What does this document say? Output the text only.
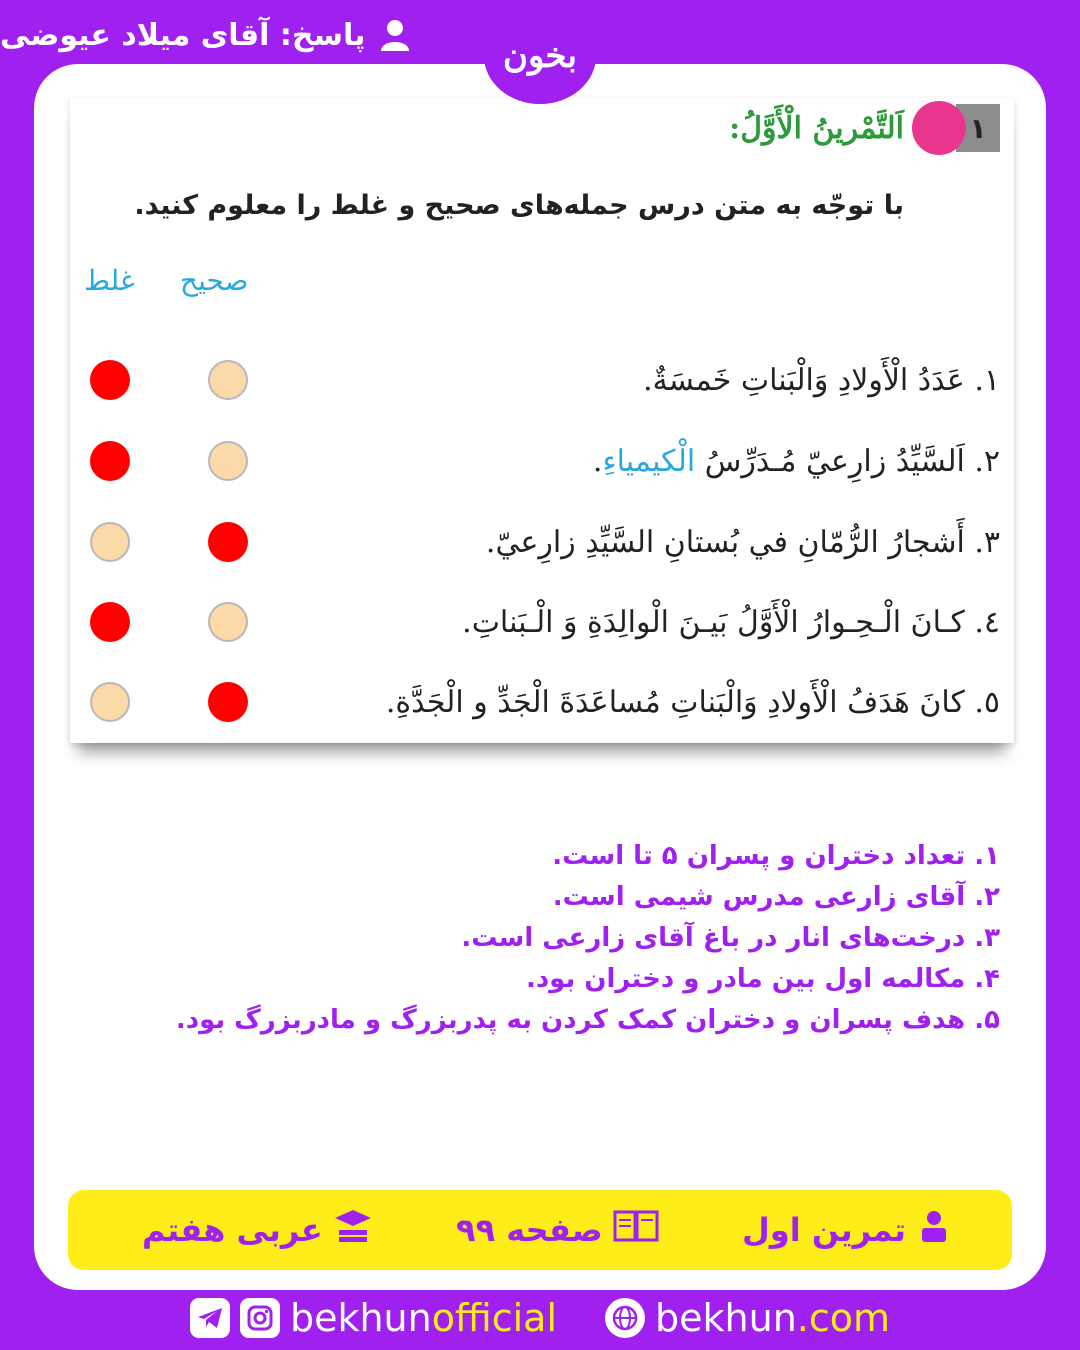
پاسخ: آقای میلاد عیوضی
بخون
١
اَلتَّمْرينُ الْأَوَّلُ:
با توجّه به متن درس جمله‌های صحیح و غلط را معلوم کنید.
صحیح
غلط
١. عَدَدُ الْأَولادِ وَالْبَناتِ خَمسَةٌ.
٢. اَلسَّيِّدُ زارِعيّ مُـدَرِّسُ الْكيمياءِ.
٣. أَشجارُ الرُّمّانِ في بُستانِ السَّيِّدِ زارِعيّ.
٤. كـانَ الْـحِـوارُ الْأَوَّلُ بَيـنَ الْوالِدَةِ وَ الْـبَناتِ.
٥. كانَ هَدَفُ الْأَولادِ وَالْبَناتِ مُساعَدَةَ الْجَدِّ و الْجَدَّةِ.
١. تعداد دختران و پسران ۵ تا است.
٢. آقای زارعی مدرس شیمی است.
٣. درخت‌های انار در باغ آقای زارعی است.
۴. مکالمه اول بین مادر و دختران بود.
۵. هدف پسران و دختران کمک کردن به پدربزرگ و مادربزرگ بود.
تمرین اول
صفحه ۹۹
عربی هفتم
bekhunofficial	bekhun.com
